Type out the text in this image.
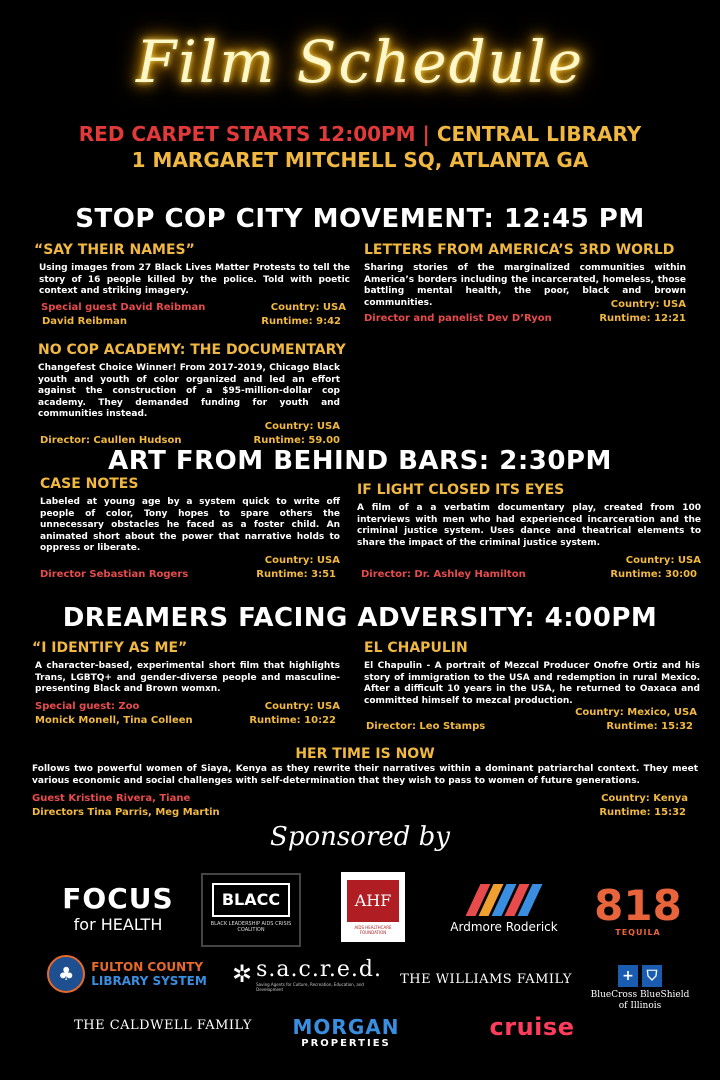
Film Schedule
RED CARPET STARTS 12:00PM | CENTRAL LIBRARY
1 MARGARET MITCHELL SQ, ATLANTA GA
STOP COP CITY MOVEMENT: 12:45 PM
“SAY THEIR NAMES”
Using images from 27 Black Lives Matter Protests to tell the story of 16 people killed by the police. Told with poetic context and striking imagery.
Special guest David Reibman	Country: USA
David Reibman	Runtime: 9:42
LETTERS FROM AMERICA’S 3RD WORLD
Sharing stories of the marginalized communities within America’s borders including the incarcerated, homeless, those battling mental health, the poor, black and brown communities.	Country: USA
Director and panelist Dev D’Ryon	Runtime: 12:21
NO COP ACADEMY: THE DOCUMENTARY
Changefest Choice Winner! From 2017-2019, Chicago Black youth and youth of color organized and led an effort against the construction of a $95-million-dollar cop academy. They demanded funding for youth and communities instead.
Country: USA
Director: Caullen Hudson	Runtime: 59.00
ART FROM BEHIND BARS: 2:30PM
CASE NOTES
Labeled at young age by a system quick to write off people of color, Tony hopes to spare others the unnecessary obstacles he faced as a foster child. An animated short about the power that narrative holds to oppress or liberate.
Country: USA
Director Sebastian Rogers	Runtime: 3:51
IF LIGHT CLOSED ITS EYES
A film of a a verbatim documentary play, created from 100 interviews with men who had experienced incarceration and the criminal justice system. Uses dance and theatrical elements to share the impact of the criminal justice system.
Country: USA
Director: Dr. Ashley Hamilton	Runtime: 30:00
DREAMERS FACING ADVERSITY: 4:00PM
“I IDENTIFY AS ME”
A character-based, experimental short film that highlights Trans, LGBTQ+ and gender-diverse people and masculine-presenting Black and Brown womxn.
Special guest: Zoo	Country: USA
Monick Monell, Tina Colleen	Runtime: 10:22
EL CHAPULIN
El Chapulin - A portrait of Mezcal Producer Onofre Ortiz and his story of immigration to the USA and redemption in rural Mexico. After a difficult 10 years in the USA, he returned to Oaxaca and committed himself to mezcal production.
Country: Mexico, USA
Director: Leo Stamps	Runtime: 15:32
HER TIME IS NOW
Follows two powerful women of Siaya, Kenya as they rewrite their narratives within a dominant patriarchal context. They meet various economic and social challenges with self-determination that they wish to pass to women of future generations.
Guest Kristine Rivera, Tiane	Country: Kenya
Directors Tina Parris, Meg Martin	Runtime: 15:32
Sponsored by
FOCUS
for HEALTH
BLACC
BLACK LEADERSHIP AIDS CRISIS COALITION
AHF
AIDS HEALTHCARE FOUNDATION	Ardmore Roderick 818
TEQUILA
♣	FULTON COUNTY
LIBRARY SYSTEM ✲ s.a.c.r.e.d.
Saving Agents for Culture, Recreation, Education, and Development
THE WILLIAMS FAMILY	+ ⛉
BlueCross BlueShield
of Illinois
THE CALDWELL FAMILY MORGAN
PROPERTIES
cruise
